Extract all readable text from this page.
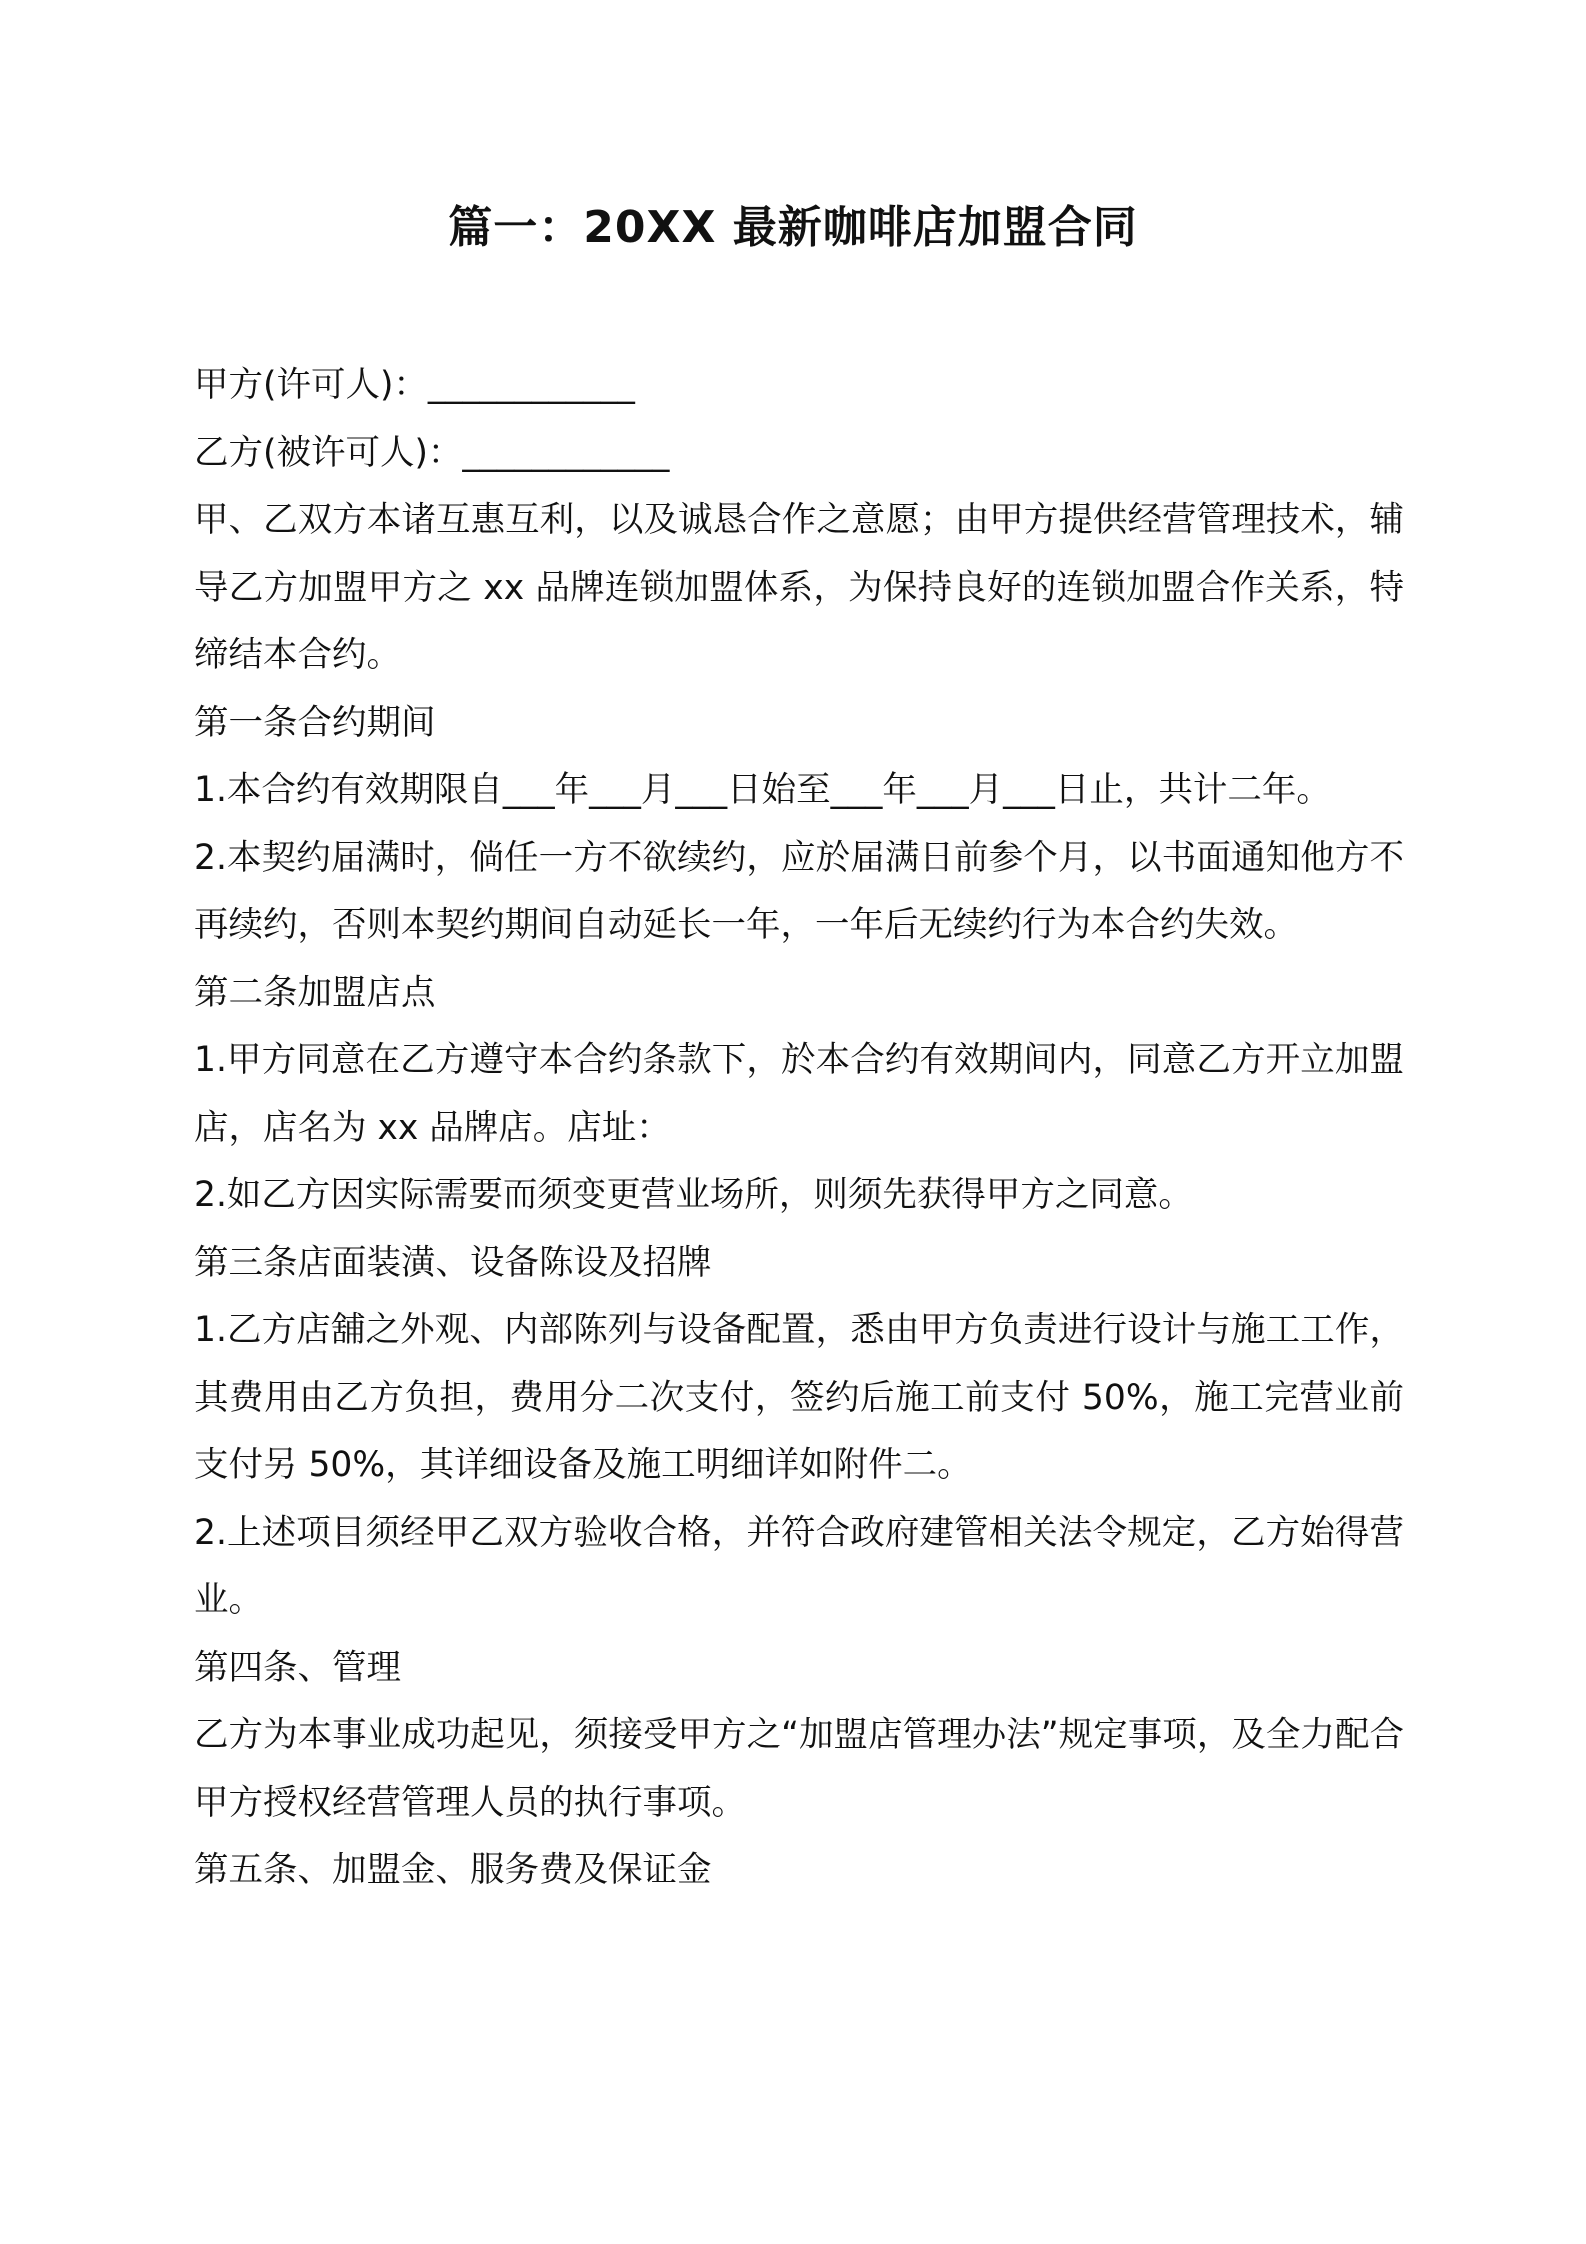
篇一：20XX 最新咖啡店加盟合同

甲方(许可人)：____________

乙方(被许可人)：____________

甲、乙双方本诸互惠互利，以及诚恳合作之意愿；由甲方提供经营管理技术，辅导乙方加盟甲方之 xx 品牌连锁加盟体系，为保持良好的连锁加盟合作关系，特缔结本合约。

第一条合约期间

1.本合约有效期限自___年___月___日始至___年___月___日止，共计二年。

2.本契约届满时，倘任一方不欲续约，应於届满日前参个月，以书面通知他方不再续约，否则本契约期间自动延长一年，一年后无续约行为本合约失效。

第二条加盟店点

1.甲方同意在乙方遵守本合约条款下，於本合约有效期间内，同意乙方开立加盟店，店名为 xx 品牌店。店址：

2.如乙方因实际需要而须变更营业场所，则须先获得甲方之同意。

第三条店面装潢、设备陈设及招牌

1.乙方店舖之外观、内部陈列与设备配置，悉由甲方负责进行设计与施工工作，其费用由乙方负担，费用分二次支付，签约后施工前支付 50%，施工完营业前支付另 50%，其详细设备及施工明细详如附件二。

2.上述项目须经甲乙双方验收合格，并符合政府建管相关法令规定，乙方始得营业。

第四条、管理

乙方为本事业成功起见，须接受甲方之“加盟店管理办法”规定事项，及全力配合甲方授权经营管理人员的执行事项。

第五条、加盟金、服务费及保证金
